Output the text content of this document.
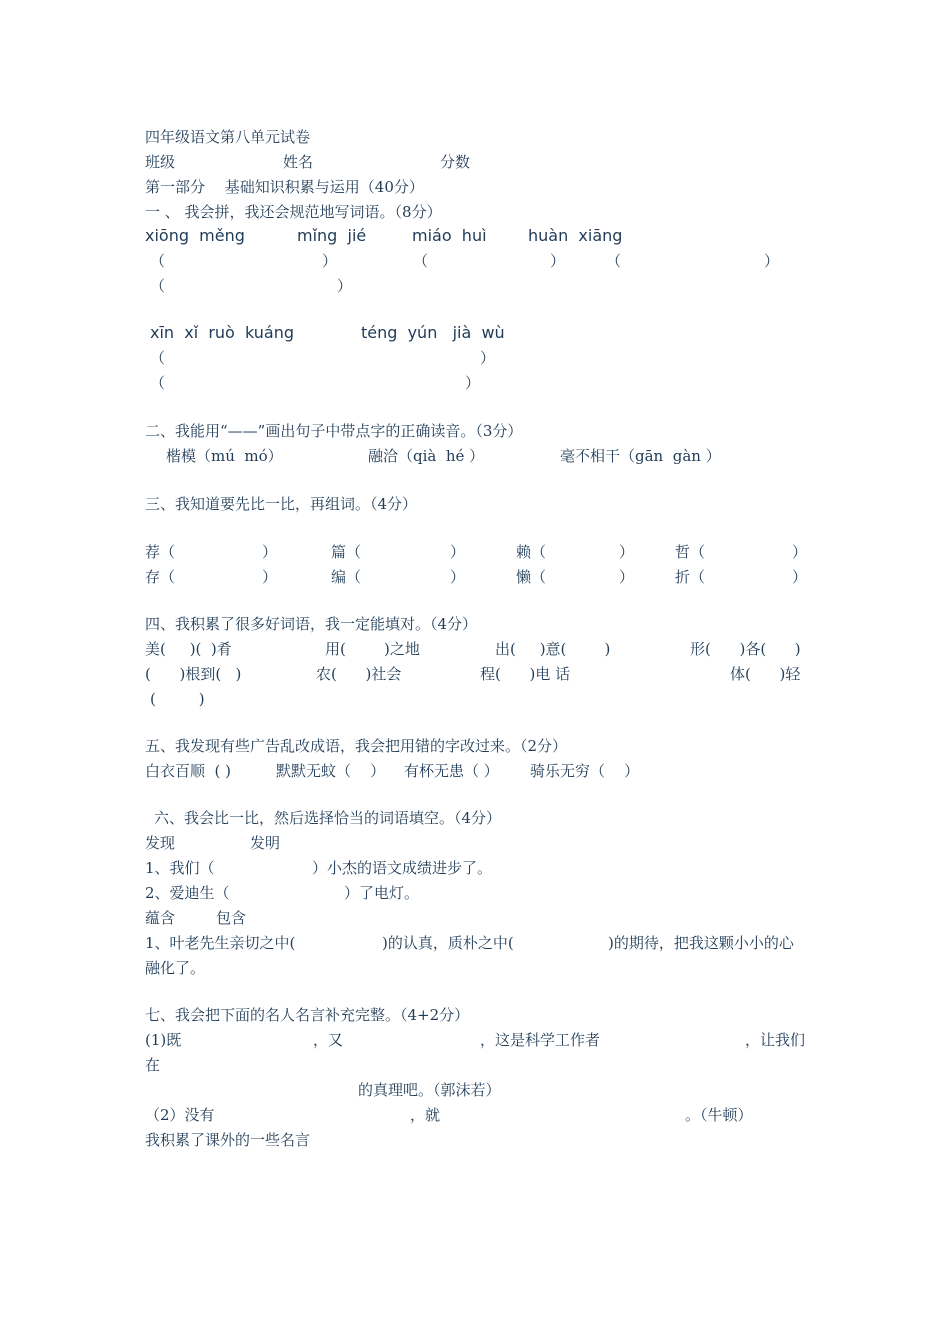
四年级语文第八单元试卷
班级	姓名	分数
第一部分　 基础知识积累与运用（40分）
一 、 我会拼，我还会规范地写词语。（8分）
xiōng  měng	mǐng  jié	miáo  huì	huàn  xiāng
（	）	（	）	（	）
（	）
xīn  xǐ  ruò  kuáng	téng  yún   jià  wù
（	）
（	）
二、我能用“——”画出句子中带点字的正确读音。（3分）
楷模（mú  mó）	融洽（qià  hé ）	毫不相干（gān  gàn ）
三、我知道要先比一比，再组词。（4分）
荐（	）	篇（	）	赖（	）	哲（	）
存（	）	编（	）	懒（	）	折（	）
四、我积累了很多好词语，我一定能填对。（4分）
美(     )(  )肴	用(        )之地	出(     )意(        )	形(      )各(      )
(      )根到(   )	农(      )社会	程(      )电 话	体(      )轻
(         )
五、我发现有些广告乱改成语，我会把用错的字改过来。（2分）
白衣百顺  ( )	默默无蚊（    ） 有杯无患（ ） 骑乐无穷（    ）
六、我会比一比，然后选择恰当的词语填空。（4分）
发现	发明
1、我们（	）小杰的语文成绩进步了。
2、爱迪生（	）了电灯。
蕴含	包含
1、叶老先生亲切之中(	)的认真，质朴之中(	)的期待，把我这颗小小的心
融化了。
七、我会把下面的名人名言补充完整。（4+2分）
(1)既	，又	，这是科学工作者	，让我们
在
的真理吧。（郭沫若）
（2）没有	，就	。（牛顿）
我积累了课外的一些名言
